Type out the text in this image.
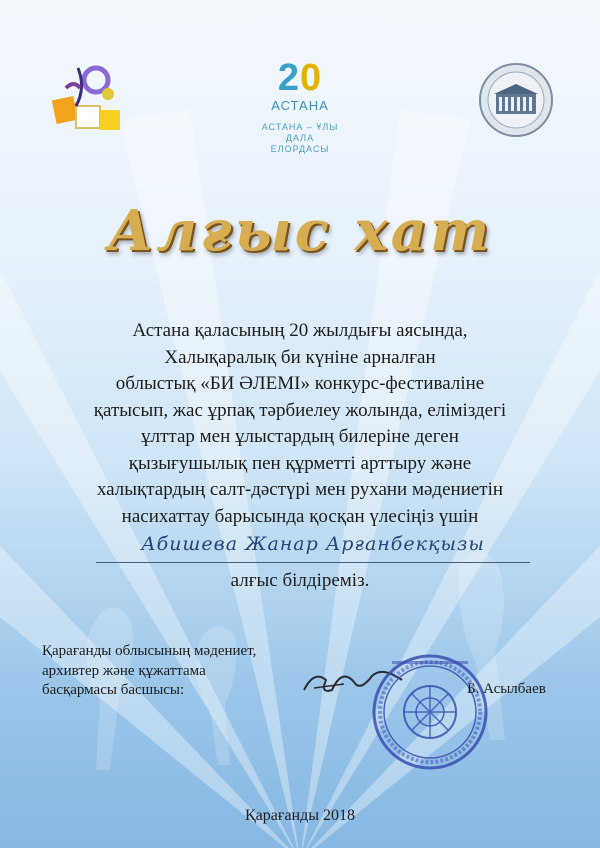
20
АСТАНА
АСТАНА – ҰЛЫ ДАЛА
ЕЛОРДАСЫ
Алғыс хат
Астана қаласының 20 жылдығы аясында,
Халықаралық би күніне арналған
облыстық «БИ ӘЛЕМІ» конкурс-фестиваліне
қатысып, жас ұрпақ тәрбиелеу жолында, еліміздегі
ұлттар мен ұлыстардың билеріне деген
қызығушылық пен құрметті арттыру және
халықтардың салт-дәстүрі мен рухани мәдениетін
насихаттау барысында қосқан үлесіңіз үшін
Абишева Жанар Арғанбекқызы
алғыс білдіреміз.
Қарағанды облысының мәдениет,
архивтер және құжаттама
басқармасы басшысы:	Б. Асылбаев
Қарағанды 2018
